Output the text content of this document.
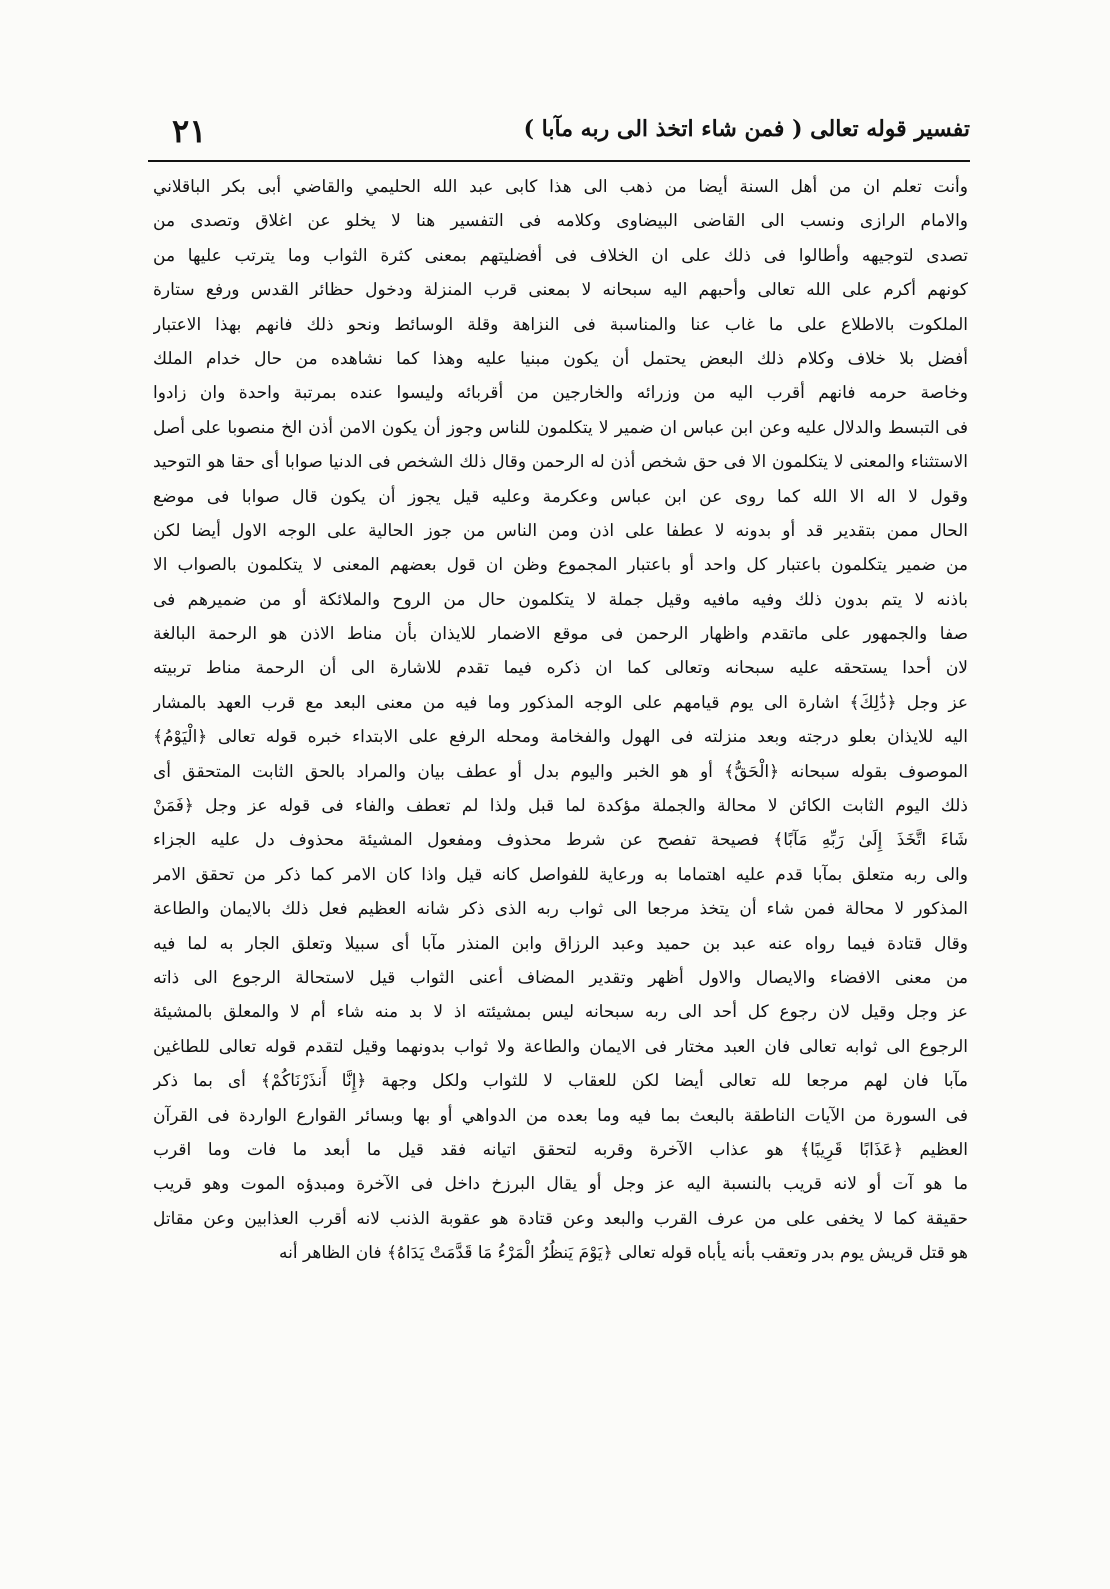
تفسير قوله تعالى ( فمن شاء اتخذ الى ربه مآبا )
٢١
وأنت تعلم ان من أهل السنة أيضا من ذهب الى هذا كابى عبد الله الحليمي والقاضي أبى بكر الباقلاني
والامام الرازى ونسب الى القاضى البيضاوى وكلامه فى التفسير هنا لا يخلو عن اغلاق وتصدى من
تصدى لتوجيهه وأطالوا فى ذلك على ان الخلاف فى أفضليتهم بمعنى كثرة الثواب وما يترتب عليها من
كونهم أكرم على الله تعالى وأحبهم اليه سبحانه لا بمعنى قرب المنزلة ودخول حظائر القدس ورفع ستارة
الملكوت بالاطلاع على ما غاب عنا والمناسبة فى النزاهة وقلة الوسائط ونحو ذلك فانهم بهذا الاعتبار
أفضل بلا خلاف وكلام ذلك البعض يحتمل أن يكون مبنيا عليه وهذا كما نشاهده من حال خدام الملك
وخاصة حرمه فانهم أقرب اليه من وزرائه والخارجين من أقربائه وليسوا عنده بمرتبة واحدة وان زادوا
فى التبسط والدلال عليه وعن ابن عباس ان ضمير لا يتكلمون للناس وجوز أن يكون الامن أذن الخ منصوبا على أصل
الاستثناء والمعنى لا يتكلمون الا فى حق شخص أذن له الرحمن وقال ذلك الشخص فى الدنيا صوابا أى حقا هو التوحيد
وقول لا اله الا الله كما روى عن ابن عباس وعكرمة وعليه قيل يجوز أن يكون قال صوابا فى موضع
الحال ممن بتقدير قد أو بدونه لا عطفا على اذن ومن الناس من جوز الحالية على الوجه الاول أيضا لكن
من ضمير يتكلمون باعتبار كل واحد أو باعتبار المجموع وظن ان قول بعضهم المعنى لا يتكلمون بالصواب الا
باذنه لا يتم بدون ذلك وفيه مافيه وقيل جملة لا يتكلمون حال من الروح والملائكة أو من ضميرهم فى
صفا والجمهور على ماتقدم واظهار الرحمن فى موقع الاضمار للايذان بأن مناط الاذن هو الرحمة البالغة
لان أحدا يستحقه عليه سبحانه وتعالى كما ان ذكره فيما تقدم للاشارة الى أن الرحمة مناط تربيته
عز وجل ﴿ذَٰلِكَ﴾ اشارة الى يوم قيامهم على الوجه المذكور وما فيه من معنى البعد مع قرب العهد بالمشار
اليه للايذان بعلو درجته وبعد منزلته فى الهول والفخامة ومحله الرفع على الابتداء خبره قوله تعالى ﴿الْيَوْمُ﴾
الموصوف بقوله سبحانه ﴿الْحَقُّ﴾ أو هو الخبر واليوم بدل أو عطف بيان والمراد بالحق الثابت المتحقق أى
ذلك اليوم الثابت الكائن لا محالة والجملة مؤكدة لما قبل ولذا لم تعطف والفاء فى قوله عز وجل ﴿فَمَنْ
شَاءَ اتَّخَذَ إِلَىٰ رَبِّهِ مَآبًا﴾ فصيحة تفصح عن شرط محذوف ومفعول المشيئة محذوف دل عليه الجزاء
والى ربه متعلق بمآبا قدم عليه اهتماما به ورعاية للفواصل كانه قيل واذا كان الامر كما ذكر من تحقق الامر
المذكور لا محالة فمن شاء أن يتخذ مرجعا الى ثواب ربه الذى ذكر شانه العظيم فعل ذلك بالايمان والطاعة
وقال قتادة فيما رواه عنه عبد بن حميد وعبد الرزاق وابن المنذر مآبا أى سبيلا وتعلق الجار به لما فيه
من معنى الافضاء والايصال والاول أظهر وتقدير المضاف أعنى الثواب قيل لاستحالة الرجوع الى ذاته
عز وجل وقيل لان رجوع كل أحد الى ربه سبحانه ليس بمشيئته اذ لا بد منه شاء أم لا والمعلق بالمشيئة
الرجوع الى ثوابه تعالى فان العبد مختار فى الايمان والطاعة ولا ثواب بدونهما وقيل لتقدم قوله تعالى للطاغين
مآبا فان لهم مرجعا لله تعالى أيضا لكن للعقاب لا للثواب ولكل وجهة ﴿إِنَّا أَنذَرْنَاكُمْ﴾ أى بما ذكر
فى السورة من الآيات الناطقة بالبعث بما فيه وما بعده من الدواهي أو بها وبسائر القوارع الواردة فى القرآن
العظيم ﴿عَذَابًا قَرِيبًا﴾ هو عذاب الآخرة وقربه لتحقق اتيانه فقد قيل ما أبعد ما فات وما اقرب
ما هو آت أو لانه قريب بالنسبة اليه عز وجل أو يقال البرزخ داخل فى الآخرة ومبدؤه الموت وهو قريب
حقيقة كما لا يخفى على من عرف القرب والبعد وعن قتادة هو عقوبة الذنب لانه أقرب العذابين وعن مقاتل
هو قتل قريش يوم بدر وتعقب بأنه يأباه قوله تعالى ﴿يَوْمَ يَنظُرُ الْمَرْءُ مَا قَدَّمَتْ يَدَاهُ﴾ فان الظاهر أنه
